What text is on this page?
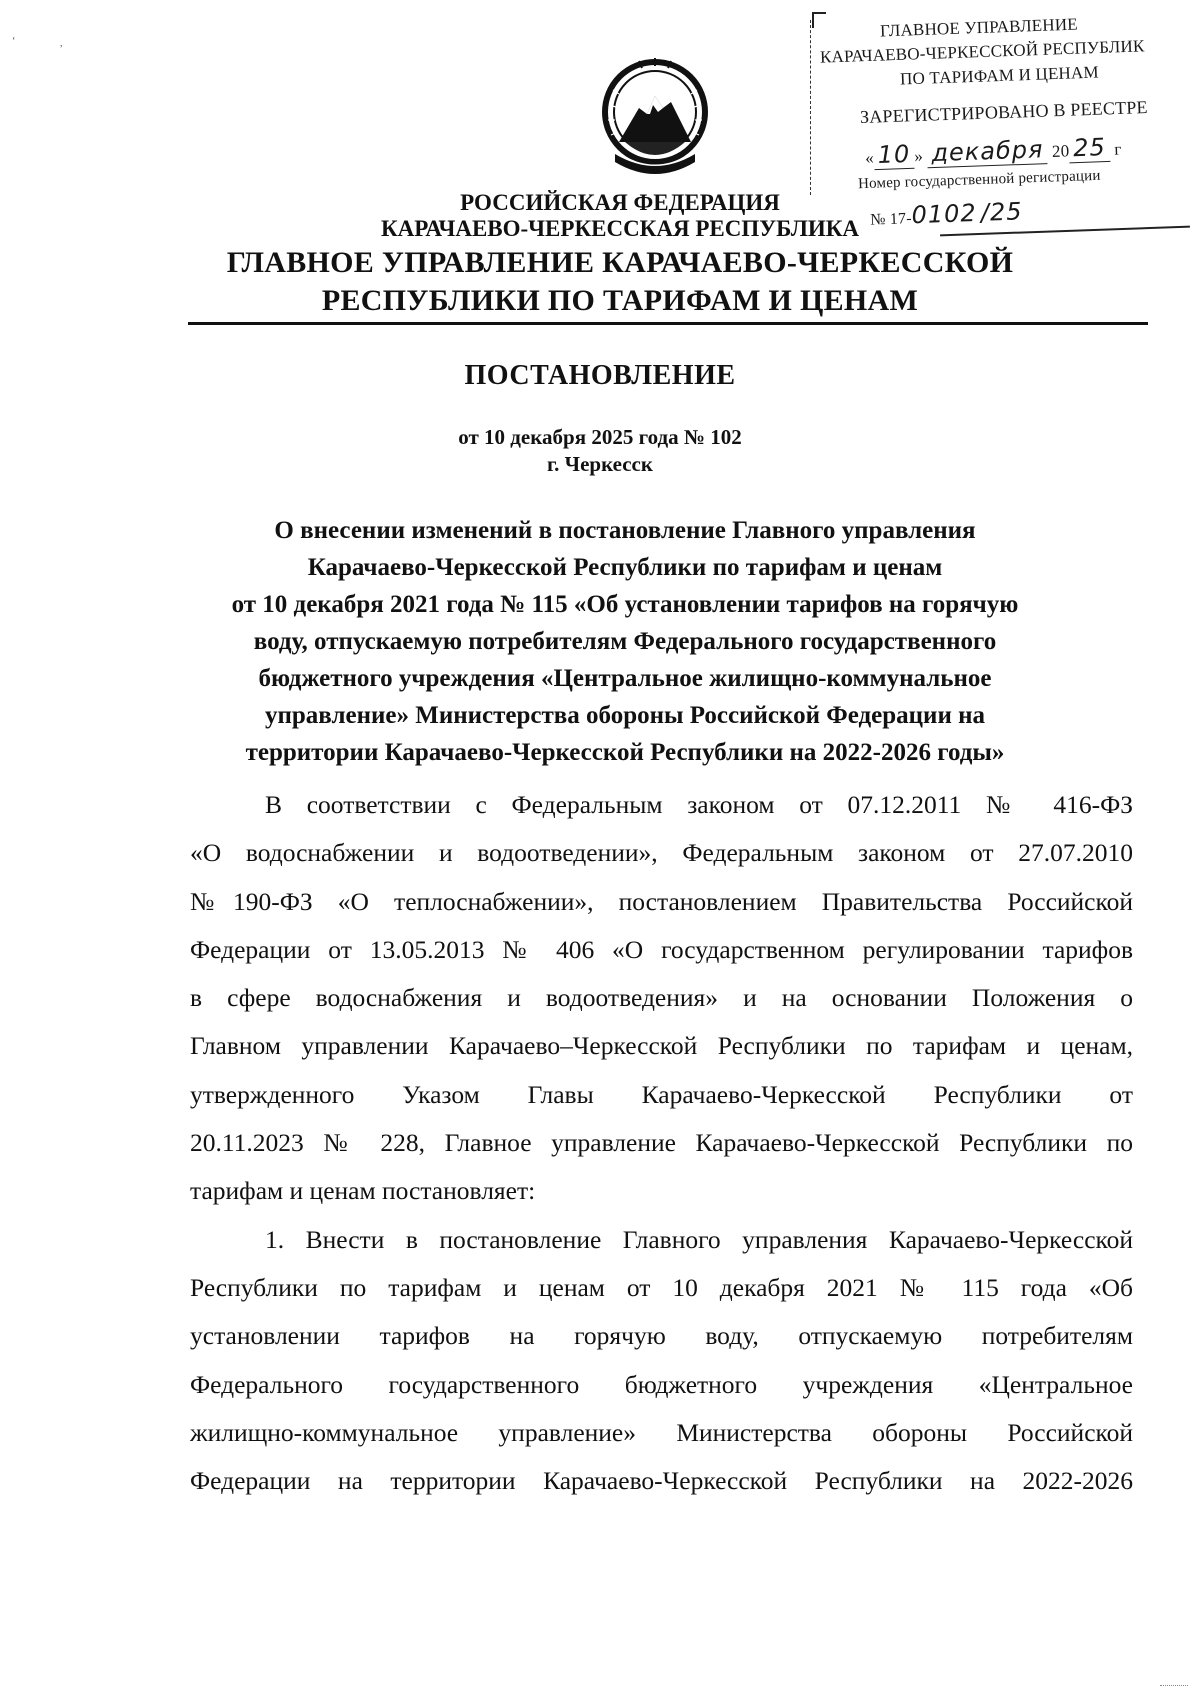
‘	,
ГЛАВНОЕ УПРАВЛЕНИЕ
КАРАЧАЕВО-ЧЕРКЕССКОЙ РЕСПУБЛИК
ПО ТАРИФАМ И ЦЕНАМ
ЗАРЕГИСТРИРОВАНО В РЕЕСТРЕ
« 10 » декабря 20 25 г
Номер государственной регистрации
№ 17-0102 /25
РОССИЙСКАЯ ФЕДЕРАЦИЯ
КАРАЧАЕВО-ЧЕРКЕССКАЯ РЕСПУБЛИКА
ГЛАВНОЕ УПРАВЛЕНИЕ КАРАЧАЕВО-ЧЕРКЕССКОЙ
РЕСПУБЛИКИ ПО ТАРИФАМ И ЦЕНАМ
ПОСТАНОВЛЕНИЕ
от 10 декабря 2025 года № 102
г. Черкесск
О внесении изменений в постановление Главного управления
Карачаево-Черкесской Республики по тарифам и ценам
от 10 декабря 2021 года № 115 «Об установлении тарифов на горячую
воду, отпускаемую потребителям Федерального государственного
бюджетного учреждения «Центральное жилищно-коммунальное
управление» Министерства обороны Российской Федерации на
территории Карачаево-Черкесской Республики на 2022-2026 годы»
В соответствии с Федеральным законом от 07.12.2011 № 416-ФЗ
«О водоснабжении и водоотведении», Федеральным законом от 27.07.2010
№190-ФЗ «О теплоснабжении», постановлением Правительства Российской
Федерации от 13.05.2013 № 406 «О государственном регулировании тарифов
в сфере водоснабжения и водоотведения» и на основании Положения о
Главном управлении Карачаево–Черкесской Республики по тарифам и ценам,
утвержденного Указом Главы Карачаево-Черкесской Республики от
20.11.2023 № 228, Главное управление Карачаево-Черкесской Республики по
тарифам и ценам постановляет:
1. Внести в постановление Главного управления Карачаево-Черкесской
Республики по тарифам и ценам от 10 декабря 2021 № 115 года «Об
установлении тарифов на горячую воду, отпускаемую потребителям
Федерального государственного бюджетного учреждения «Центральное
жилищно-коммунальное управление» Министерства обороны Российской
Федерации на территории Карачаево-Черкесской Республики на 2022-2026
